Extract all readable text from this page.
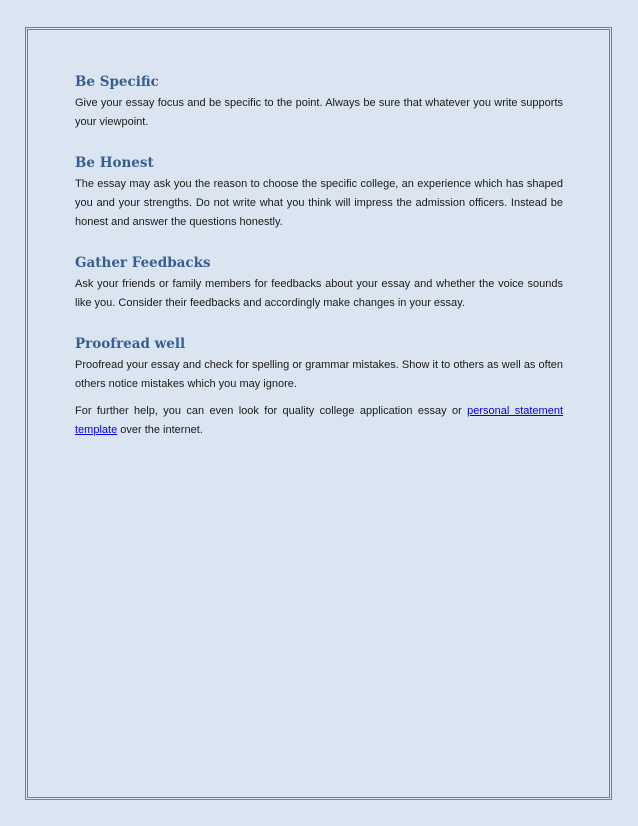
Be Specific

Give your essay focus and be specific to the point. Always be sure that whatever you write supports your viewpoint.

Be Honest

The essay may ask you the reason to choose the specific college, an experience which has shaped you and your strengths. Do not write what you think will impress the admission officers. Instead be honest and answer the questions honestly.

Gather Feedbacks

Ask your friends or family members for feedbacks about your essay and whether the voice sounds like you. Consider their feedbacks and accordingly make changes in your essay.

Proofread well

Proofread your essay and check for spelling or grammar mistakes. Show it to others as well as often others notice mistakes which you may ignore.

For further help, you can even look for quality college application essay or personal statement template over the internet.
